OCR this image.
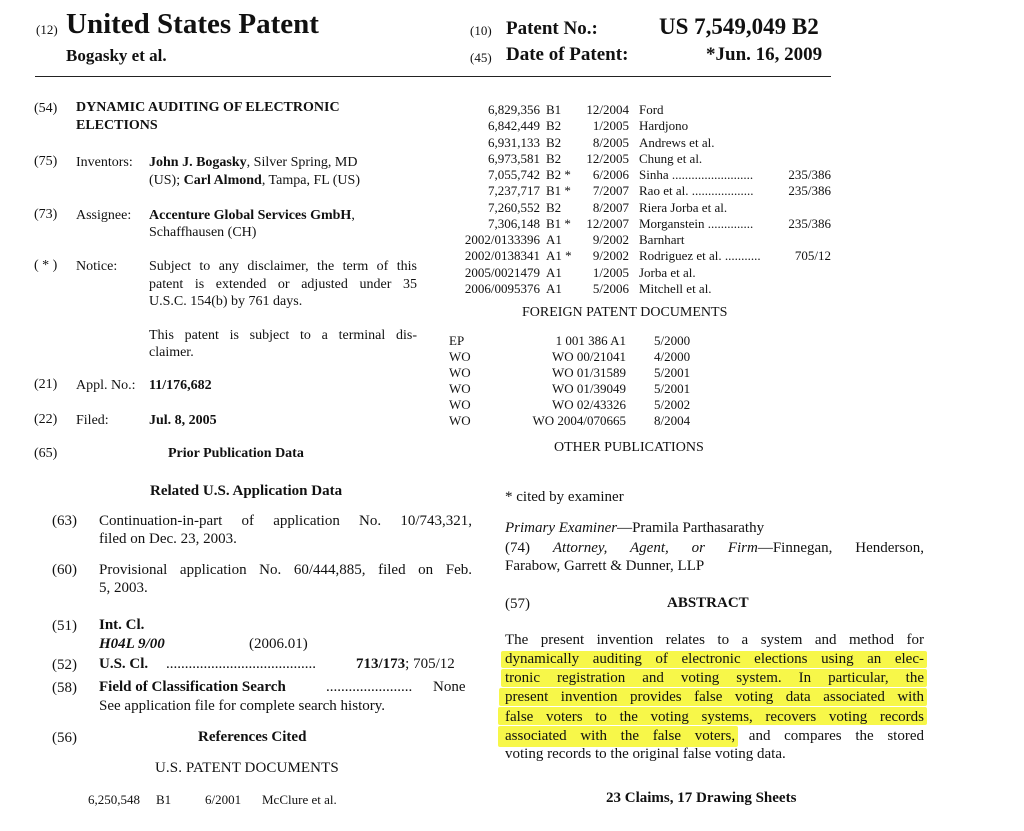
(12) United States Patent
Bogasky et al.
(10) Patent No.:	US 7,549,049 B2
(45) Date of Patent:	*Jun. 16, 2009
(54) DYNAMIC AUDITING OF ELECTRONIC
ELECTIONS
(75) Inventors: John J. Bogasky, Silver Spring, MD
(US); Carl Almond, Tampa, FL (US)
(73) Assignee: Accenture Global Services GmbH,
Schaffhausen (CH)
( * ) Notice: Subject to any disclaimer, the term of this
patent is extended or adjusted under 35
U.S.C. 154(b) by 761 days.
This patent is subject to a terminal dis-
claimer.
(21) Appl. No.: 11/176,682
(22) Filed:	Jul. 8, 2005
(65)	Prior Publication Data
Related U.S. Application Data
(63) Continuation-in-part of application No. 10/743,321,
filed on Dec. 23, 2003.
(60) Provisional application No. 60/444,885, filed on Feb.
5, 2003.
(51) Int. Cl.
H04L 9/00	(2006.01)
(52) U.S. Cl. ........................................	713/173; 705/12
(58) Field of Classification Search	....................... None
See application file for complete search history.
(56)	References Cited
U.S. PATENT DOCUMENTS
6,250,548 B1	6/2001 McClure et al.
6,829,356 B1 12/2004 Ford
6,842,449 B2 1/2005 Hardjono
6,931,133 B2 8/2005 Andrews et al.
6,973,581 B2 12/2005 Chung et al.
7,055,742 B2 * 6/2006 Sinha .........................	235/386
7,237,717 B1 * 7/2007 Rao et al. ...................	235/386
7,260,552 B2 8/2007 Riera Jorba et al.
7,306,148 B1 * 12/2007 Morganstein ..............	235/386
2002/0133396 A1 9/2002 Barnhart
2002/0138341 A1 * 9/2002 Rodriguez et al. ...........	705/12
2005/0021479 A1 1/2005 Jorba et al.
2006/0095376 A1 5/2006 Mitchell et al.
FOREIGN PATENT DOCUMENTS
EP	1 001 386 A1 5/2000
WO	WO 00/21041 4/2000
WO	WO 01/31589 5/2001
WO	WO 01/39049 5/2001
WO	WO 02/43326 5/2002
WO	WO 2004/070665 8/2004
OTHER PUBLICATIONS
* cited by examiner
Primary Examiner—Pramila Parthasarathy
(74) Attorney, Agent, or Firm—Finnegan, Henderson,
Farabow, Garrett & Dunner, LLP
(57)	ABSTRACT
The present invention relates to a system and method for
dynamically auditing of electronic elections using an elec-
tronic registration and voting system. In particular, the
present invention provides false voting data associated with
false voters to the voting systems, recovers voting records
associated with the false voters, and compares the stored
voting records to the original false voting data.
23 Claims, 17 Drawing Sheets
